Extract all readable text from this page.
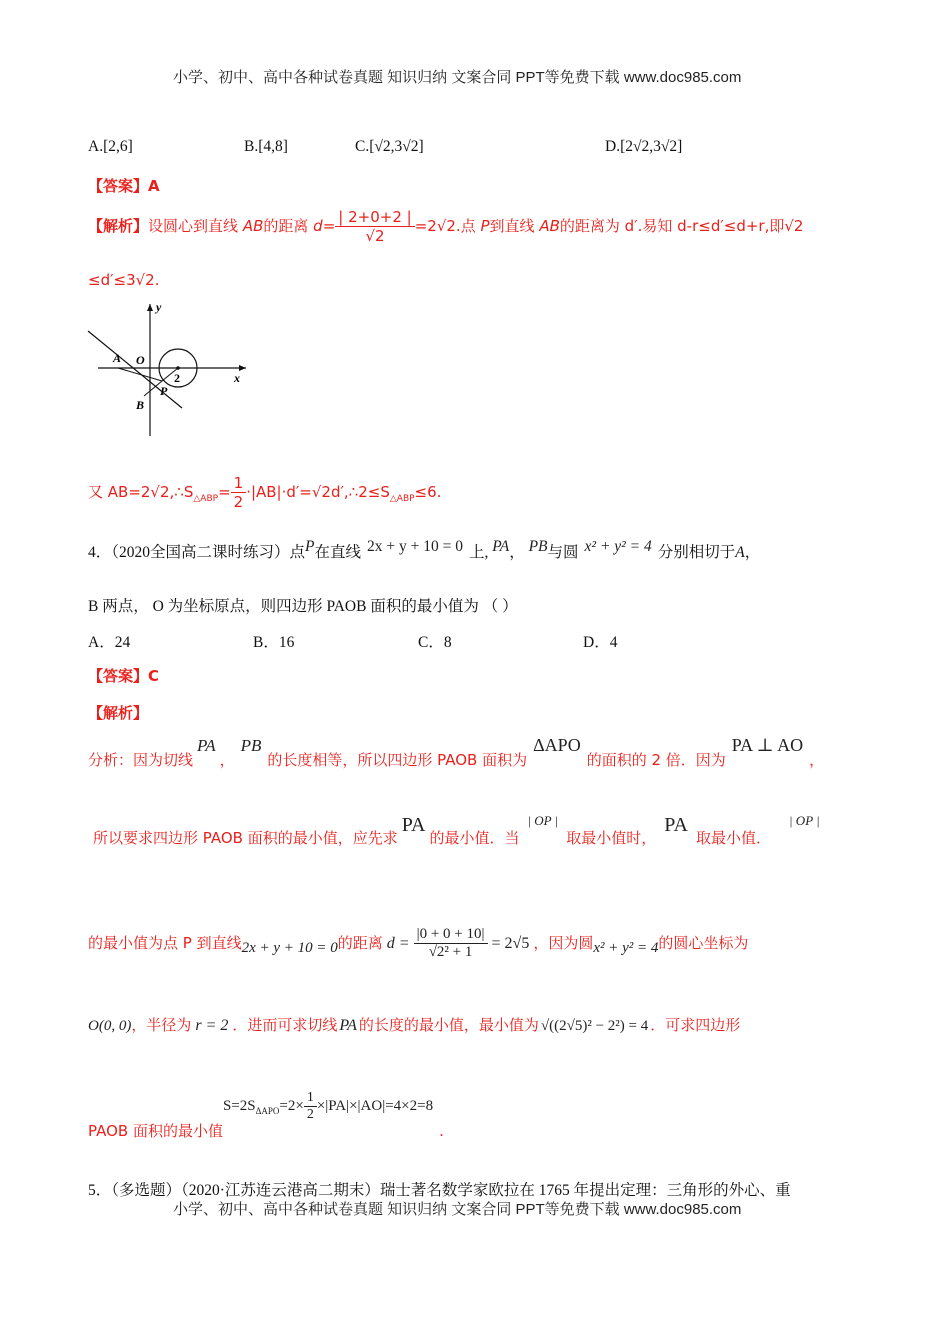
小学、初中、高中各种试卷真题 知识归纳 文案合同 PPT等免费下载 www.doc985.com
A.[2,6]	B.[4,8]	C.[√2,3√2]	D.[2√2,3√2]
【答案】A
【解析】设圆心到直线 AB的距离 $d= \frac{| 2+0+2 |}{√2} =2√2$.点 P到直线 AB的距离为 d′.易知 d-r≤d′≤d+r,即√2
≤d′≤3√2.
y
x
O
A
B
P
2
又 $AB=2√2,\therefore S_{\triangle ABP}= \frac{1}{2}$ $\cdot|AB|\cdot d'=√2d',\therefore 2\le S_{\triangle ABP}\le 6$.
4．（2020全国高二课时练习）点P在直线 2x + y + 10 = 0 上, PA， PB与圆 x² + y² = 4 分别相切于A，
B 两点， O 为坐标原点，则四边形 PAOB 面积的最小值为 （ ）
A．24	B．16	C．8	D．4
【答案】C
【解析】
分析：因为切线PA，PB的长度相等，所以四边形 PAOB 面积为ΔAPO的面积的 2 倍．因为PA ⊥ AO，
所以要求四边形 PAOB 面积的最小值，应先求PA的最小值．当| OP |取最小值时，PA取最小值．| OP |
的最小值为点 P 到直线2x + y + 10 = 0的距离 $d = \frac{|0 + 0 + 10|}{\text{√2² + 1}} = 2√5$ ，因为圆x² + y² = 4的圆心坐标为
O(0, 0)，半径为 r = 2 ．进而可求切线 PA 的长度的最小值，最小值为 √((2√5)² − 2²) = 4 ．可求四边形
PAOB 面积的最小值$S=2S_{\Delta APO}=2\times \frac{1}{2} \times|PA|\times|AO|=4\times 2=8$.
5．（多选题）（2020·江苏连云港高二期末）瑞士著名数学家欧拉在 1765 年提出定理：三角形的外心、重
小学、初中、高中各种试卷真题 知识归纳 文案合同 PPT等免费下载 www.doc985.com
